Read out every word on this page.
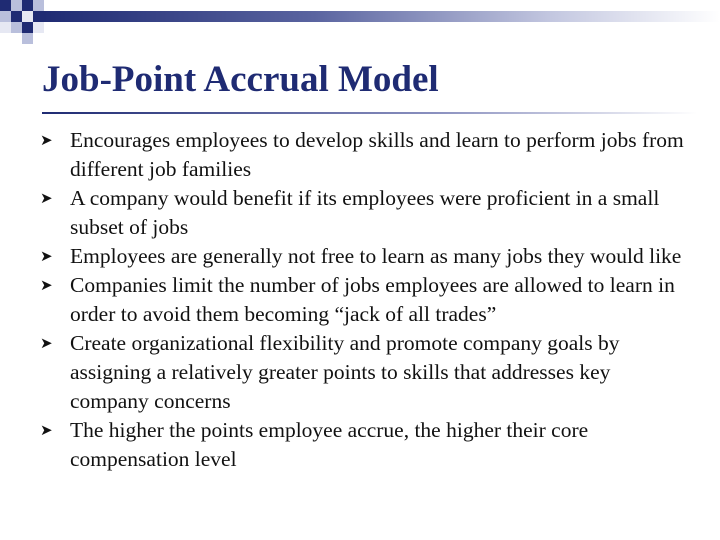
Job-Point Accrual Model
➤ Encourages employees to develop skills and learn to perform jobs from different job families
➤ A company would benefit if its employees were proficient in a small subset of jobs
➤ Employees are generally not free to learn as many jobs they would like
➤ Companies limit the number of jobs employees are allowed to learn in order to avoid them becoming “jack of all trades”
➤ Create organizational flexibility and promote company goals by assigning a relatively greater points to skills that addresses key company concerns
➤ The higher the points employee accrue, the higher their core compensation level
